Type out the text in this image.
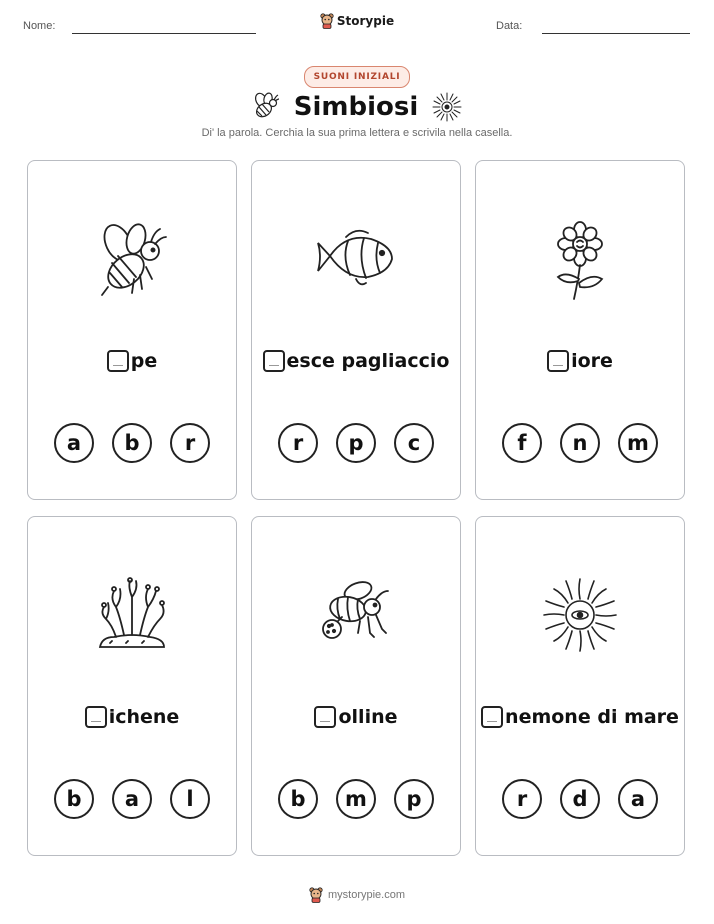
Nome:	Storypie	Data:
SUONI INIZIALI
Simbiosi
Di' la parola. Cerchia la sua prima lettera e scrivila nella casella.
pe
a	b	r
esce pagliaccio
r	p	c
iore
f	n	m
ichene
b	a	l
olline
b	m	p
nemone di mare
r	d	a
mystorypie.com
